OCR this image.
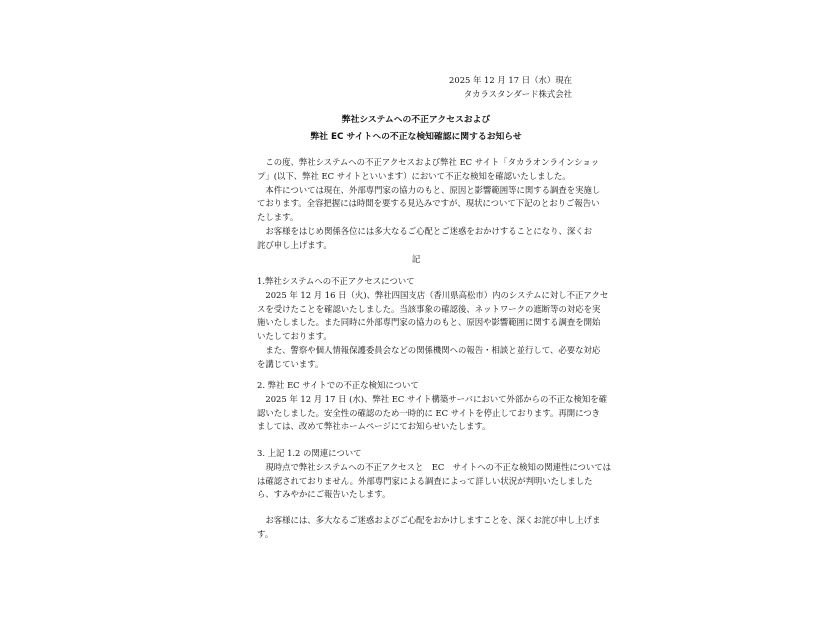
2025 年 12 月 17 日（水）現在
タカラスタンダード株式会社
弊社システムへの不正アクセスおよび
弊社 EC サイトへの不正な検知確認に関するお知らせ
　この度、弊社システムへの不正アクセスおよび弊社 EC サイト「タカラオンラインショッ
プ」(以下、弊社 EC サイトといいます）において不正な検知を確認いたしました。
　本件については現在、外部専門家の協力のもと、原因と影響範囲等に関する調査を実施し
ております。全容把握には時間を要する見込みですが、現状について下記のとおりご報告い
たします。
　お客様をはじめ関係各位には多大なるご心配とご迷惑をおかけすることになり、深くお
詫び申し上げます。
記
1.弊社システムへの不正アクセスについて
　2025 年 12 月 16 日（火)、弊社四国支店（香川県高松市）内のシステムに対し不正アクセ
スを受けたことを確認いたしました。当該事象の確認後、ネットワークの遮断等の対応を実
施いたしました。また同時に外部専門家の協力のもと、原因や影響範囲に関する調査を開始
いたしております。
　また、警察や個人情報保護委員会などの関係機関への報告・相談と並行して、必要な対応
を講じています。
2. 弊社 EC サイトでの不正な検知について
　2025 年 12 月 17 日 (水)、弊社 EC サイト構築サーバにおいて外部からの不正な検知を確
認いたしました。安全性の確認のため一時的に EC サイトを停止しております。再開につき
ましては、改めて弊社ホームページにてお知らせいたします。
3. 上記 1.2 の関連について
　現時点で弊社システムへの不正アクセスと　EC　サイトへの不正な検知の関連性については
は確認されておりません。外部専門家による調査によって詳しい状況が判明いたしました
ら、すみやかにご報告いたします。
　お客様には、多大なるご迷惑およびご心配をおかけしますことを、深くお詫び申し上げま
す。
